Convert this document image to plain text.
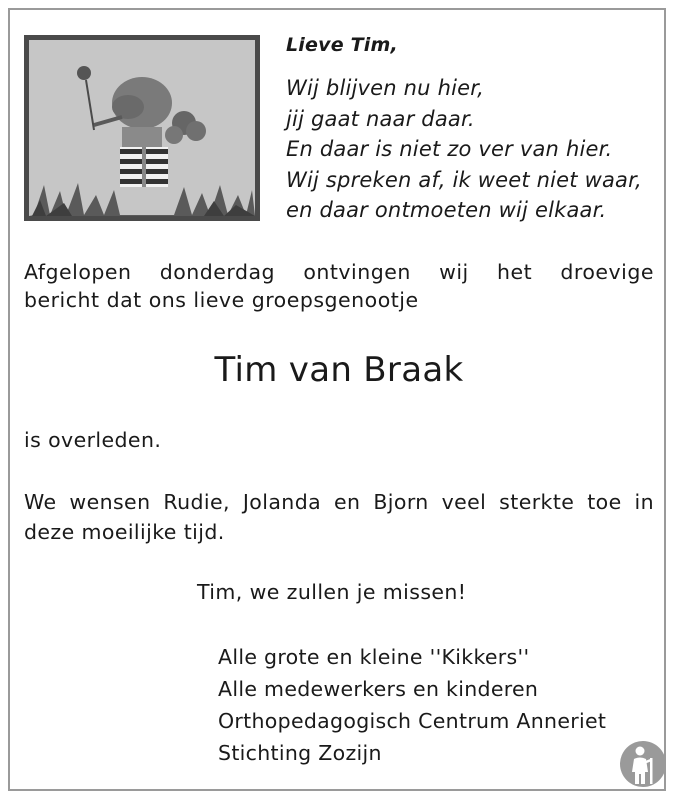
Lieve Tim,
Wij blijven nu hier,
jij gaat naar daar.
En daar is niet zo ver van hier.
Wij spreken af, ik weet niet waar,
en daar ontmoeten wij elkaar.
Afgelopen donderdag ontvingen wij het droevige
bericht dat ons lieve groepsgenootje
Tim van Braak
is overleden.
We wensen Rudie, Jolanda en Bjorn veel sterkte toe in
deze moeilijke tijd.
Tim, we zullen je missen!
Alle grote en kleine ''Kikkers''
Alle medewerkers en kinderen
Orthopedagogisch Centrum Anneriet
Stichting Zozijn
